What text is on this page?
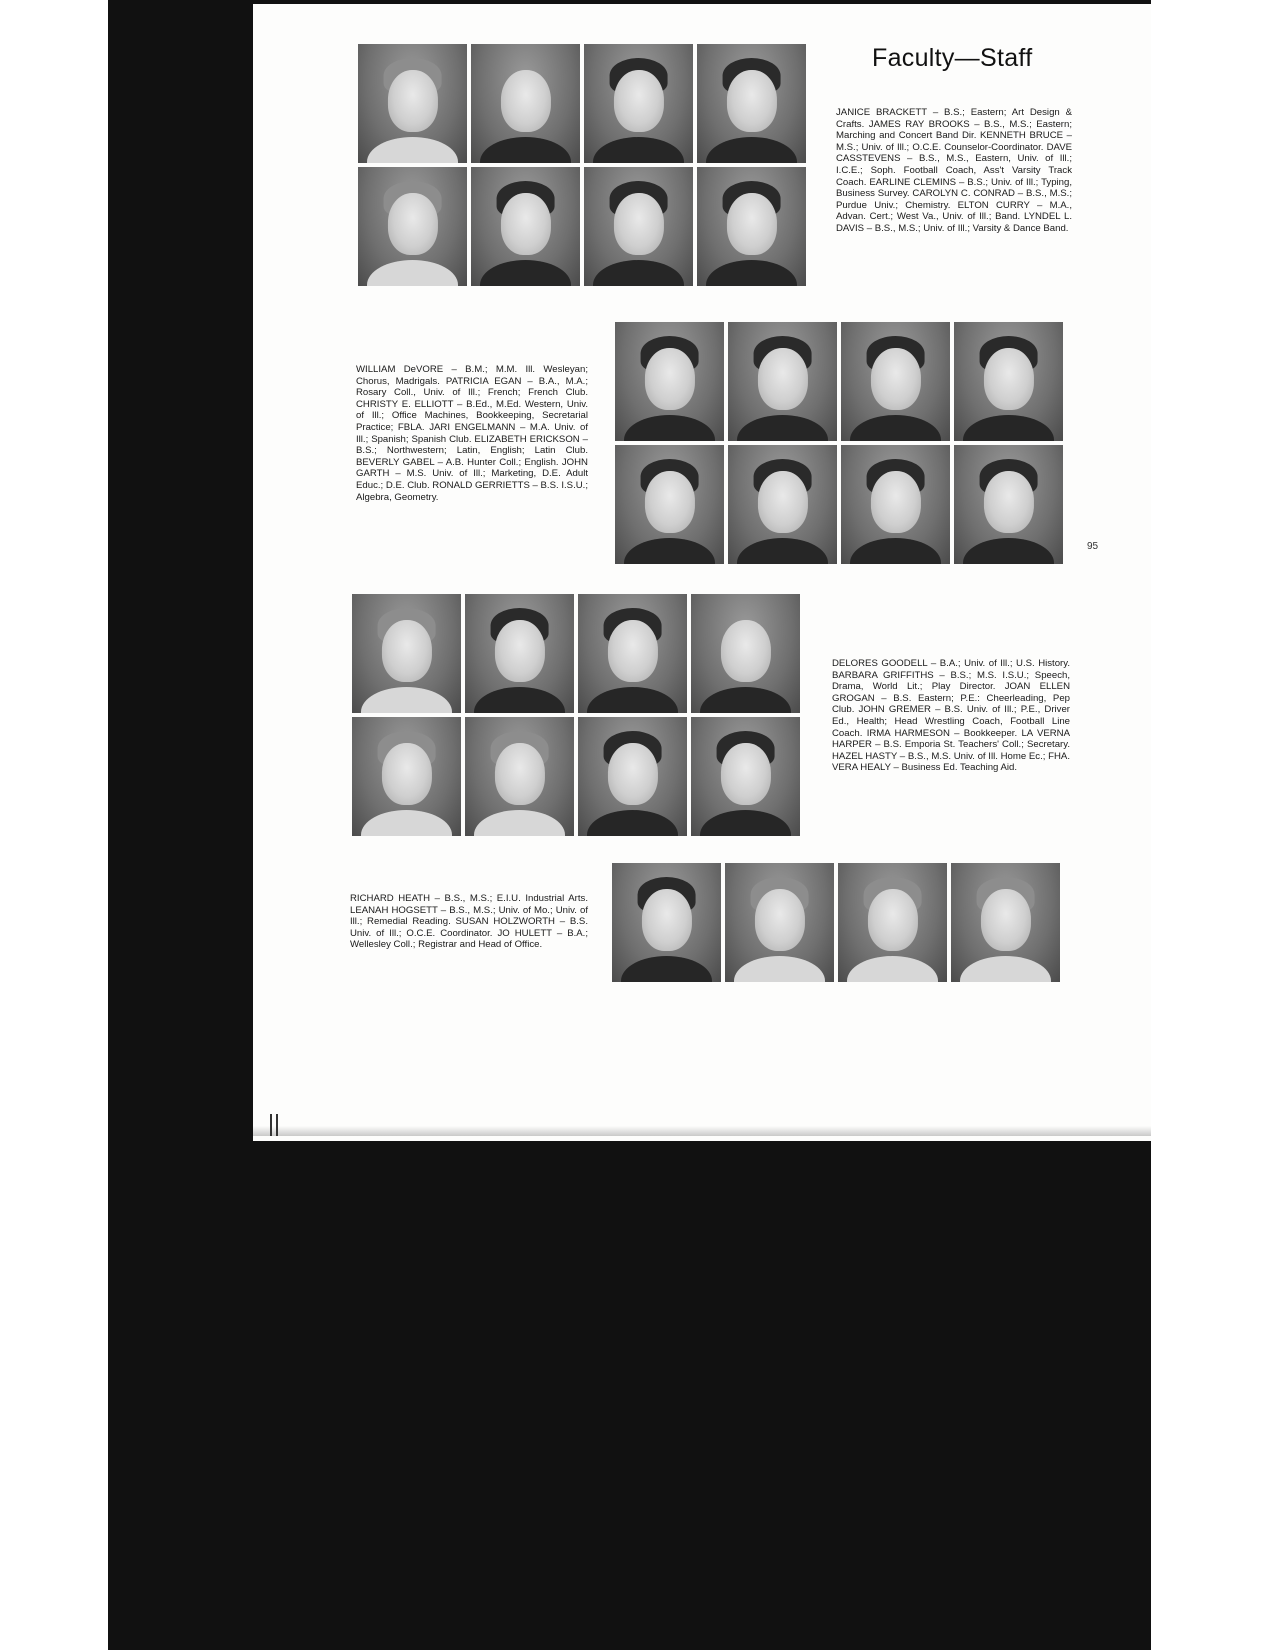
Faculty—Staff
JANICE BRACKETT – B.S.; Eastern; Art Design & Crafts. JAMES RAY BROOKS – B.S., M.S.; Eastern; Marching and Concert Band Dir. KENNETH BRUCE – M.S.; Univ. of Ill.; O.C.E. Counselor-Coordinator. DAVE CASSTEVENS – B.S., M.S., Eastern, Univ. of Ill.; I.C.E.; Soph. Football Coach, Ass't Varsity Track Coach. EARLINE CLEMINS – B.S.; Univ. of Ill.; Typing, Business Survey. CAROLYN C. CONRAD – B.S., M.S.; Purdue Univ.; Chemistry. ELTON CURRY – M.A., Advan. Cert.; West Va., Univ. of Ill.; Band. LYNDEL L. DAVIS – B.S., M.S.; Univ. of Ill.; Varsity & Dance Band.
WILLIAM DeVORE – B.M.; M.M. Ill. Wesleyan; Chorus, Madrigals. PATRICIA EGAN – B.A., M.A.; Rosary Coll., Univ. of Ill.; French; French Club. CHRISTY E. ELLIOTT – B.Ed., M.Ed. Western, Univ. of Ill.; Office Machines, Bookkeeping, Secretarial Practice; FBLA. JARI ENGELMANN – M.A. Univ. of Ill.; Spanish; Spanish Club. ELIZABETH ERICKSON – B.S.; Northwestern; Latin, English; Latin Club. BEVERLY GABEL – A.B. Hunter Coll.; English. JOHN GARTH – M.S. Univ. of Ill.; Marketing, D.E. Adult Educ.; D.E. Club. RONALD GERRIETTS – B.S. I.S.U.; Algebra, Geometry.
95
DELORES GOODELL – B.A.; Univ. of Ill.; U.S. History. BARBARA GRIFFITHS – B.S.; M.S. I.S.U.; Speech, Drama, World Lit.; Play Director. JOAN ELLEN GROGAN – B.S. Eastern; P.E.: Cheerleading, Pep Club. JOHN GREMER – B.S. Univ. of Ill.; P.E., Driver Ed., Health; Head Wrestling Coach, Football Line Coach. IRMA HARMESON – Bookkeeper. LA VERNA HARPER – B.S. Emporia St. Teachers' Coll.; Secretary. HAZEL HASTY – B.S., M.S. Univ. of Ill. Home Ec.; FHA. VERA HEALY – Business Ed. Teaching Aid.
RICHARD HEATH – B.S., M.S.; E.I.U. Industrial Arts. LEANAH HOGSETT – B.S., M.S.; Univ. of Mo.; Univ. of Ill.; Remedial Reading. SUSAN HOLZWORTH – B.S. Univ. of Ill.; O.C.E. Coordinator. JO HULETT – B.A.; Wellesley Coll.; Registrar and Head of Office.
